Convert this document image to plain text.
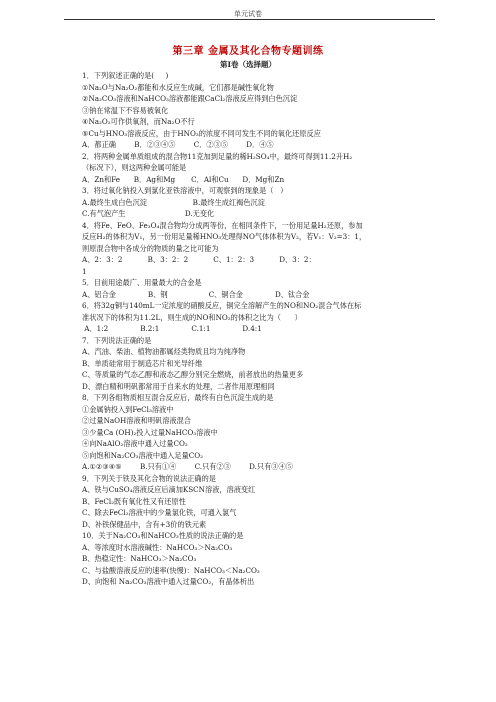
单元试卷
第三章 金属及其化合物专题训练
第Ⅰ卷（选择题）
1．下列叙述正确的是(     )
①Na₂O与Na₂O₂都能和水反应生成碱，它们都是碱性氧化物
②Na₂CO₃溶液和NaHCO₃溶液都能跟CaCl₂溶液反应得到白色沉淀
③钠在常温下不容易被氧化
④Na₂O₂可作供氧剂，而Na₂O不行
⑤Cu与HNO₃溶液反应，由于HNO₃的浓度不同可发生不同的氧化还原反应
A．都正确        B．②③④⑤        C．②③⑤        D．④⑤
2．将两种金属单质组成的混合物11克加到足量的稀H₂SO₄中，最终可得到11.2升H₂
（标况下），则这两种金属可能是
A．Zn和Fe      B．Ag和Mg       C．Al和Cu      D．Mg和Zn
3．将过氧化钠投入到氯化亚铁溶液中，可观察到的现象是（   ）
A.最终生成白色沉淀                    B.最终生成红褐色沉淀
C.有气泡产生                          D.无变化
4．将Fe、FeO、Fe₃O₄混合物均分成两等份，在相同条件下，一份用足量H₂还原，参加
反应H₂的体积为V₁，另一份用足量稀HNO₃处理得NO气体体积为V₂，若V₁：V₂=3：1，
则原混合物中各成分的物质的量之比可能为
A、2：3：2           B、3：2：2           C、1：2：3           D、3：2：
1
5．目前用途最广、用量最大的合金是
A、铝合金              B、钢                  C、铜合金              D、钛合金
6．将32g铜与140mL一定浓度的硝酸反应，铜完全溶解产生的NO和NO₂混合气体在标
准状况下的体积为11.2L，则生成的NO和NO₂的体积之比为（      ）
A．1:2              B.2:1              C.1:1              D.4:1
7．下列说法正确的是
A、汽油、柴油、植物油都属烃类物质且均为纯净物
B、单质硅常用于制造芯片和光导纤维
C、等质量的气态乙醇和液态乙醇分别完全燃烧，前者放出的热量更多
D、漂白精和明矾都常用于自来水的处理，二者作用原理相同
8．下列各组物质相互混合反应后，最终有白色沉淀生成的是
①金属钠投入到FeCl₃溶液中
②过量NaOH溶液和明矾溶液混合
③少量Ca (OH)₂投入过量NaHCO₃溶液中
④向NaAlO₂溶液中通入过量CO₂
⑤向饱和Na₂CO₃溶液中通入足量CO₂
A.①②③④⑤        B.只有①④        C.只有②③        D.只有③④⑤
9．下列关于铁及其化合物的说法正确的是
A、铁与CuSO₄溶液反应后滴加KSCN溶液，溶液变红
B、FeCl₂既有氧化性又有还原性
C、除去FeCl₂溶液中的少量氯化铁，可通入氯气
D、补铁保健品中，含有+3价的铁元素
10．关于Na₂CO₃和NaHCO₃性质的说法正确的是
A、等浓度时水溶液碱性：NaHCO₃＞Na₂CO₃
B、热稳定性：NaHCO₃＞Na₂CO₃
C、与盐酸溶液反应的速率(快慢)：NaHCO₃＜Na₂CO₃
D、向饱和 Na₂CO₃溶液中通入过量CO₂，有晶体析出
